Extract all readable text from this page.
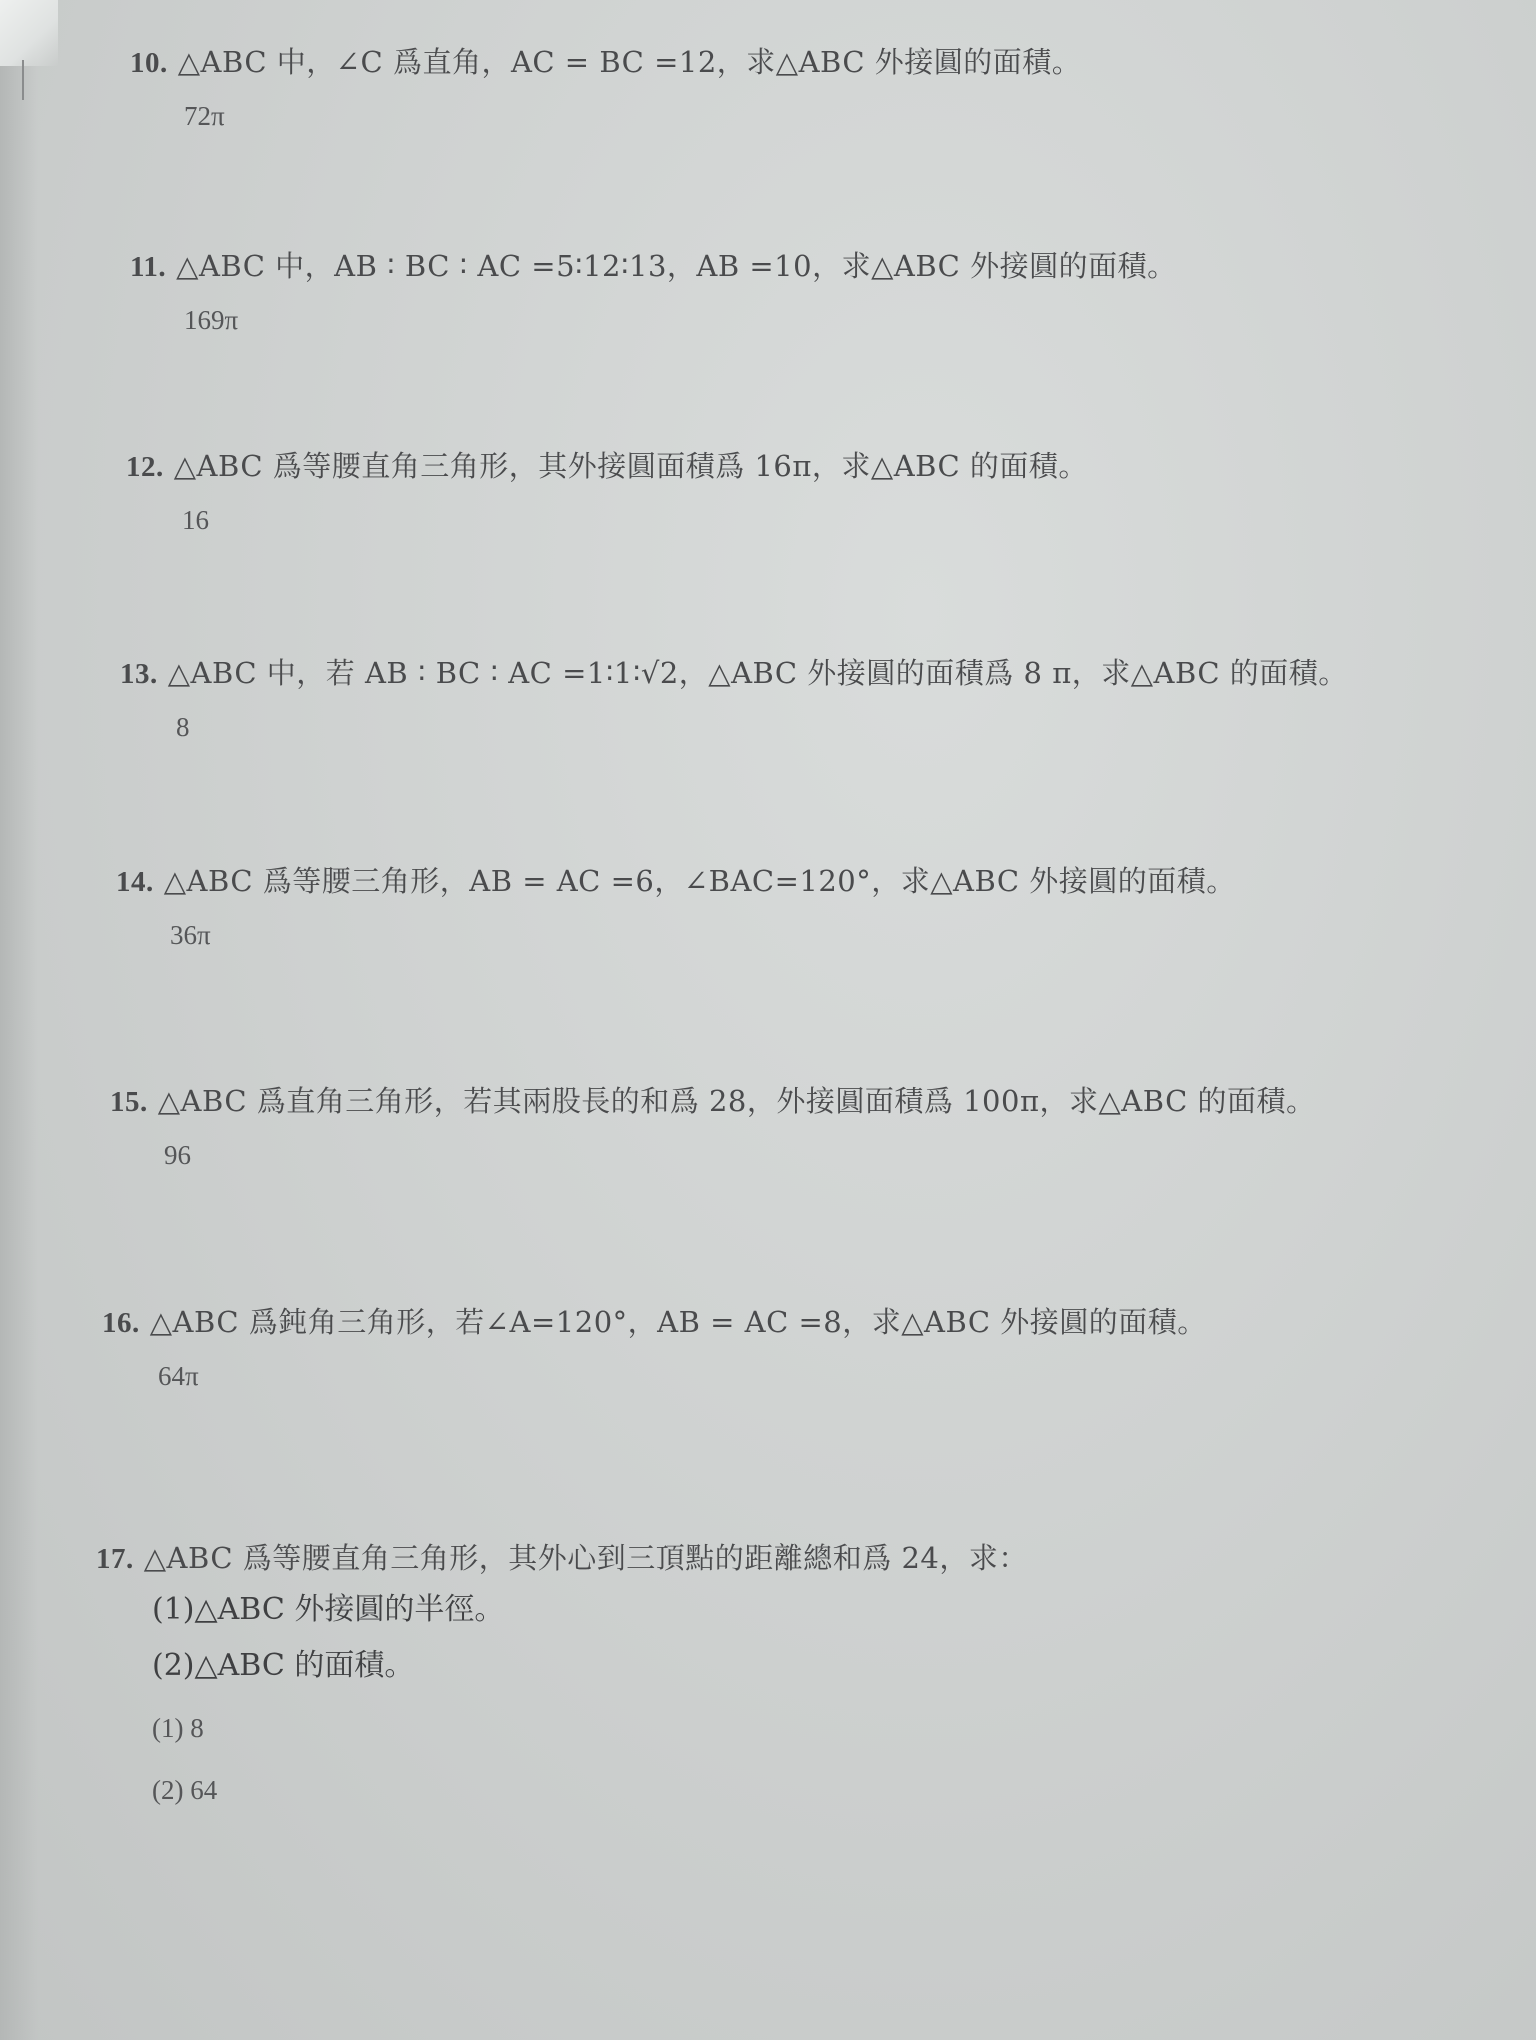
10. △ABC 中，∠C 爲直角，AC = BC =12，求△ABC 外接圓的面積。
72π
11. △ABC 中，AB ∶ BC ∶ AC =5∶12∶13，AB =10，求△ABC 外接圓的面積。
169π
12. △ABC 爲等腰直角三角形，其外接圓面積爲 16π，求△ABC 的面積。
16
13. △ABC 中，若 AB ∶ BC ∶ AC =1∶1∶√2，△ABC 外接圓的面積爲 8 π，求△ABC 的面積。
8
14. △ABC 爲等腰三角形，AB = AC =6，∠BAC=120°，求△ABC 外接圓的面積。
36π
15. △ABC 爲直角三角形，若其兩股長的和爲 28，外接圓面積爲 100π，求△ABC 的面積。
96
16. △ABC 爲鈍角三角形，若∠A=120°，AB = AC =8，求△ABC 外接圓的面積。
64π
17. △ABC 爲等腰直角三角形，其外心到三頂點的距離總和爲 24，求：
(1)△ABC 外接圓的半徑。
(2)△ABC 的面積。
(1) 8
(2) 64
